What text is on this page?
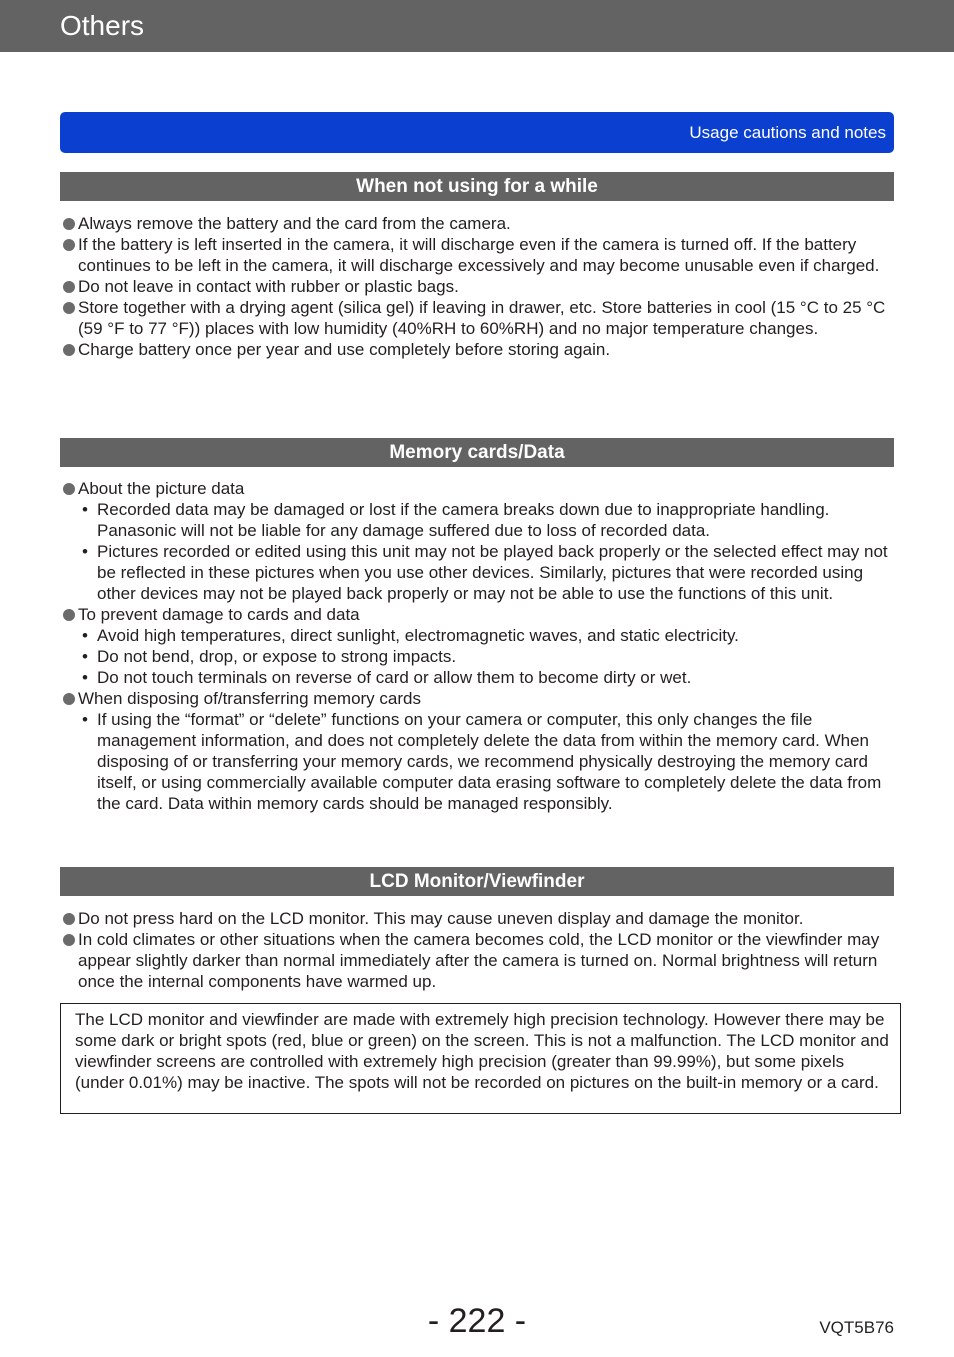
Others
Usage cautions and notes
When not using for a while
Always remove the battery and the card from the camera.
If the battery is left inserted in the camera, it will discharge even if the camera is turned off. If the battery continues to be left in the camera, it will discharge excessively and may become unusable even if charged.
Do not leave in contact with rubber or plastic bags.
Store together with a drying agent (silica gel) if leaving in drawer, etc. Store batteries in cool (15 °C to 25 °C (59 °F to 77 °F)) places with low humidity (40%RH to 60%RH) and no major temperature changes.
Charge battery once per year and use completely before storing again.
Memory cards/Data
About the picture data
• Recorded data may be damaged or lost if the camera breaks down due to inappropriate handling. Panasonic will not be liable for any damage suffered due to loss of recorded data.
• Pictures recorded or edited using this unit may not be played back properly or the selected effect may not be reflected in these pictures when you use other devices. Similarly, pictures that were recorded using other devices may not be played back properly or may not be able to use the functions of this unit.
To prevent damage to cards and data
• Avoid high temperatures, direct sunlight, electromagnetic waves, and static electricity.
• Do not bend, drop, or expose to strong impacts.
• Do not touch terminals on reverse of card or allow them to become dirty or wet.
When disposing of/transferring memory cards
• If using the “format” or “delete” functions on your camera or computer, this only changes the file management information, and does not completely delete the data from within the memory card. When disposing of or transferring your memory cards, we recommend physically destroying the memory card itself, or using commercially available computer data erasing software to completely delete the data from the card. Data within memory cards should be managed responsibly.
LCD Monitor/Viewfinder
Do not press hard on the LCD monitor. This may cause uneven display and damage the monitor.
In cold climates or other situations when the camera becomes cold, the LCD monitor or the viewfinder may appear slightly darker than normal immediately after the camera is turned on. Normal brightness will return once the internal components have warmed up.
The LCD monitor and viewfinder are made with extremely high precision technology. However there may be some dark or bright spots (red, blue or green) on the screen. This is not a malfunction. The LCD monitor and viewfinder screens are controlled with extremely high precision (greater than 99.99%), but some pixels (under 0.01%) may be inactive. The spots will not be recorded on pictures on the built-in memory or a card.
- 222 -	VQT5B76
